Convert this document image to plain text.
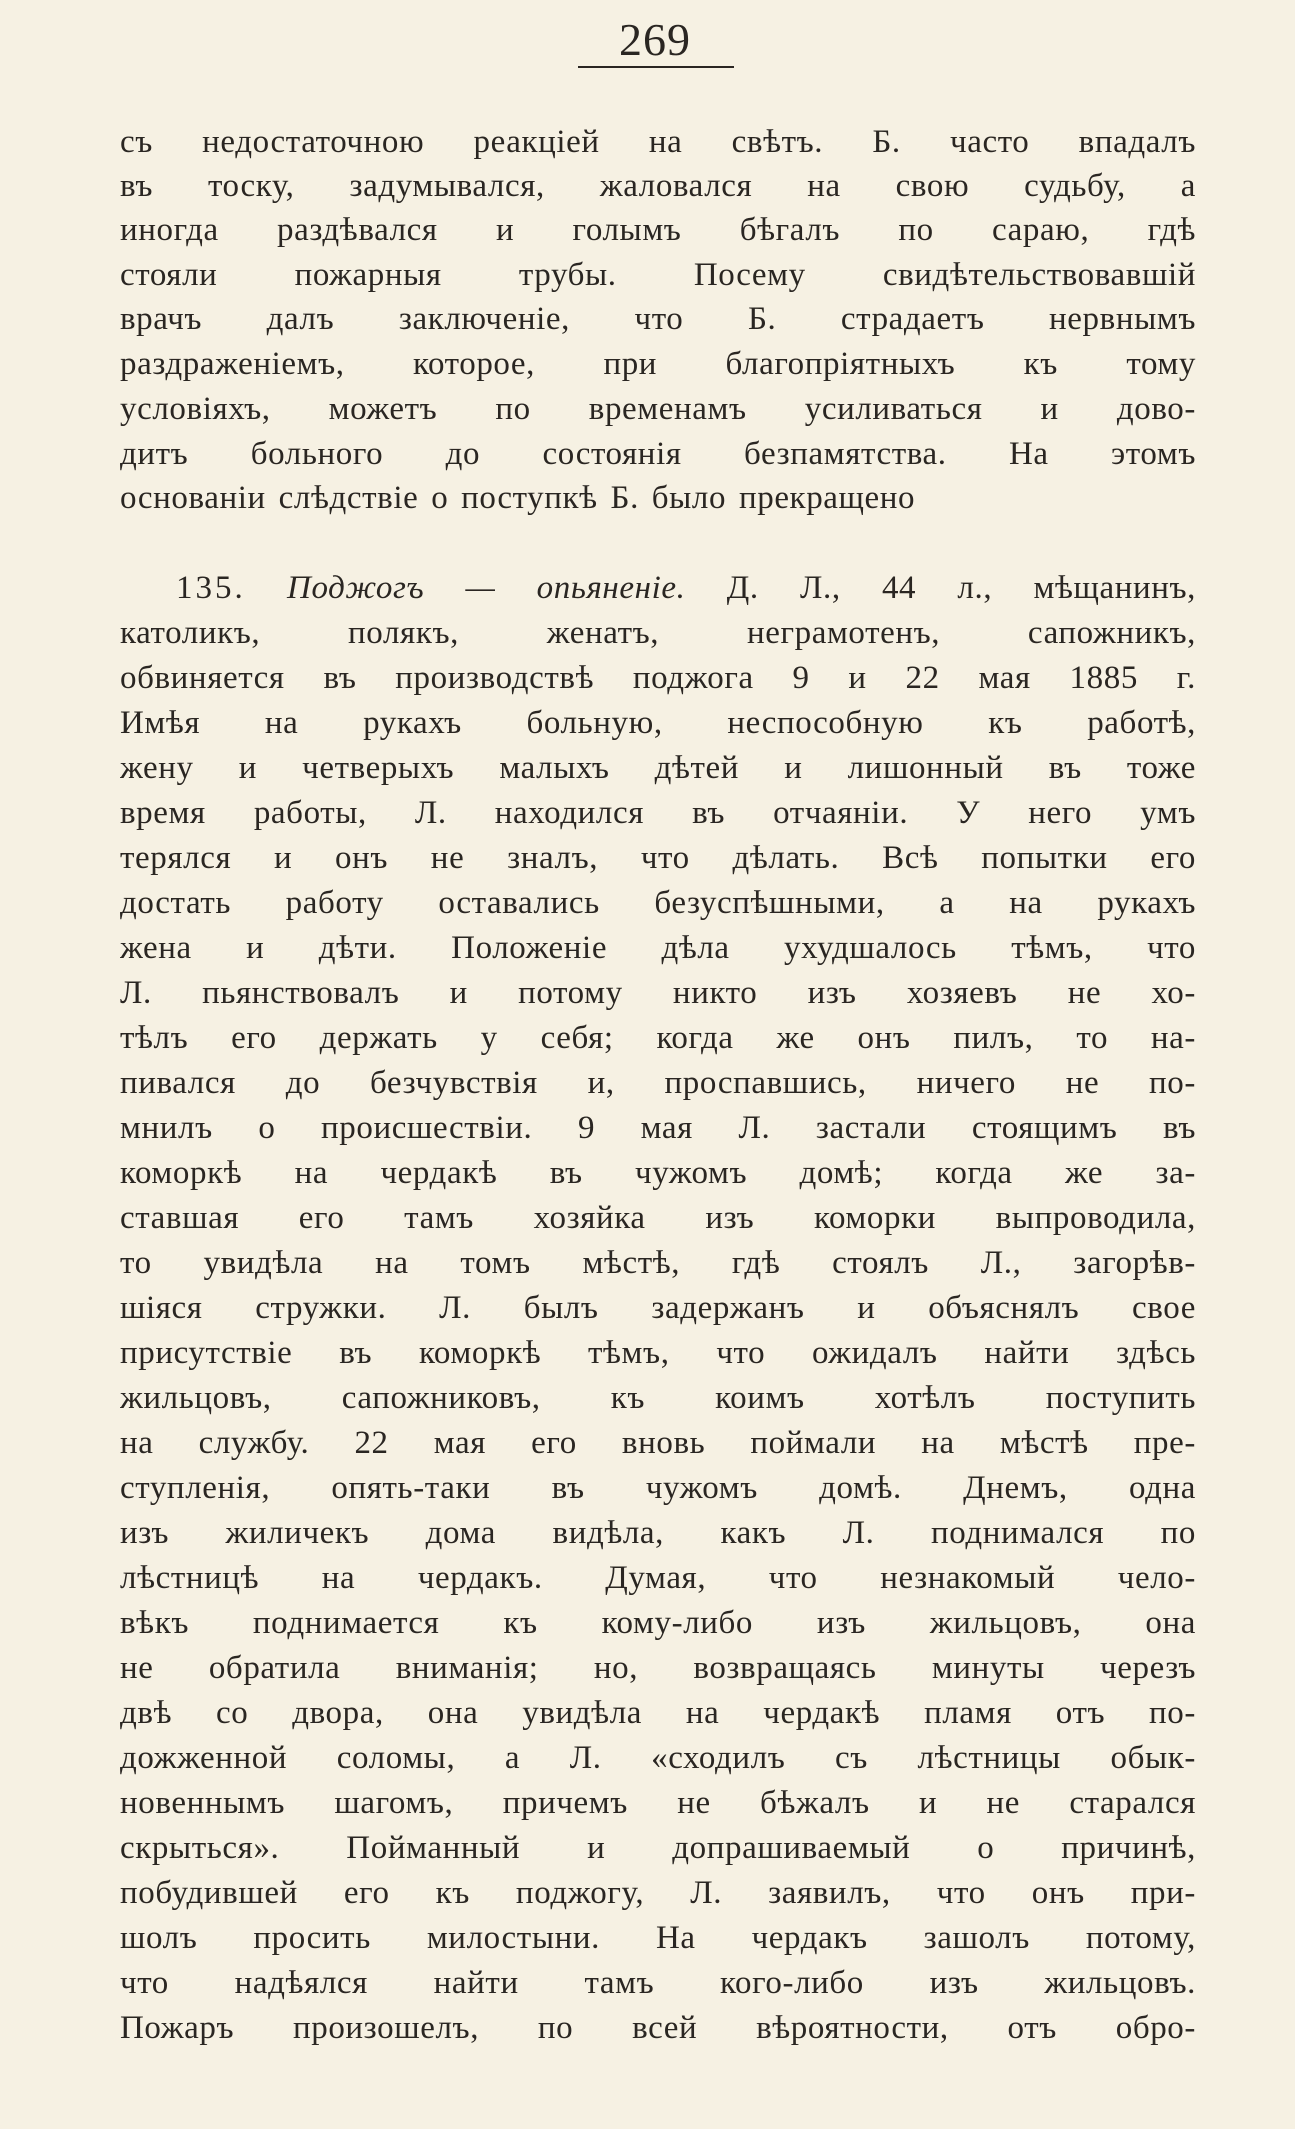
269
съ недостаточною реакціей на свѣтъ. Б. часто впадалъ
въ тоску, задумывался, жаловался на свою судьбу, а
иногда раздѣвался и голымъ бѣгалъ по сараю, гдѣ
стояли пожарныя трубы. Посему свидѣтельствовавшій
врачъ далъ заключеніе, что Б. страдаетъ нервнымъ
раздраженіемъ, которое, при благопріятныхъ къ тому
условіяхъ, можетъ по временамъ усиливаться и дово-
дитъ больного до состоянія безпамятства. На этомъ
основаніи слѣдствіе о поступкѣ Б. было прекращено
135. Поджогъ — опьяненіе. Д. Л., 44 л., мѣщанинъ,
католикъ, полякъ, женатъ, неграмотенъ, сапожникъ,
обвиняется въ производствѣ поджога 9 и 22 мая 1885 г.
Имѣя на рукахъ больную, неспособную къ работѣ,
жену и четверыхъ малыхъ дѣтей и лишонный въ тоже
время работы, Л. находился въ отчаяніи. У него умъ
терялся и онъ не зналъ, что дѣлать. Всѣ попытки его
достать работу оставались безуспѣшными, а на рукахъ
жена и дѣти. Положеніе дѣла ухудшалось тѣмъ, что
Л. пьянствовалъ и потому никто изъ хозяевъ не хо-
тѣлъ его держать у себя; когда же онъ пилъ, то на-
пивался до безчувствія и, проспавшись, ничего не по-
мнилъ о происшествіи. 9 мая Л. застали стоящимъ въ
коморкѣ на чердакѣ въ чужомъ домѣ; когда же за-
ставшая его тамъ хозяйка изъ коморки выпроводила,
то увидѣла на томъ мѣстѣ, гдѣ стоялъ Л., загорѣв-
шіяся стружки. Л. былъ задержанъ и объяснялъ свое
присутствіе въ коморкѣ тѣмъ, что ожидалъ найти здѣсь
жильцовъ, сапожниковъ, къ коимъ хотѣлъ поступить
на службу. 22 мая его вновь поймали на мѣстѣ пре-
ступленія, опять-таки въ чужомъ домѣ. Днемъ, одна
изъ жиличекъ дома видѣла, какъ Л. поднимался по
лѣстницѣ на чердакъ. Думая, что незнакомый чело-
вѣкъ поднимается къ кому-либо изъ жильцовъ, она
не обратила вниманія; но, возвращаясь минуты черезъ
двѣ со двора, она увидѣла на чердакѣ пламя отъ по-
дожженной соломы, а Л. «сходилъ съ лѣстницы обык-
новеннымъ шагомъ, причемъ не бѣжалъ и не старался
скрыться». Пойманный и допрашиваемый о причинѣ,
побудившей его къ поджогу, Л. заявилъ, что онъ при-
шолъ просить милостыни. На чердакъ зашолъ потому,
что надѣялся найти тамъ кого-либо изъ жильцовъ.
Пожаръ произошелъ, по всей вѣроятности, отъ обро-
